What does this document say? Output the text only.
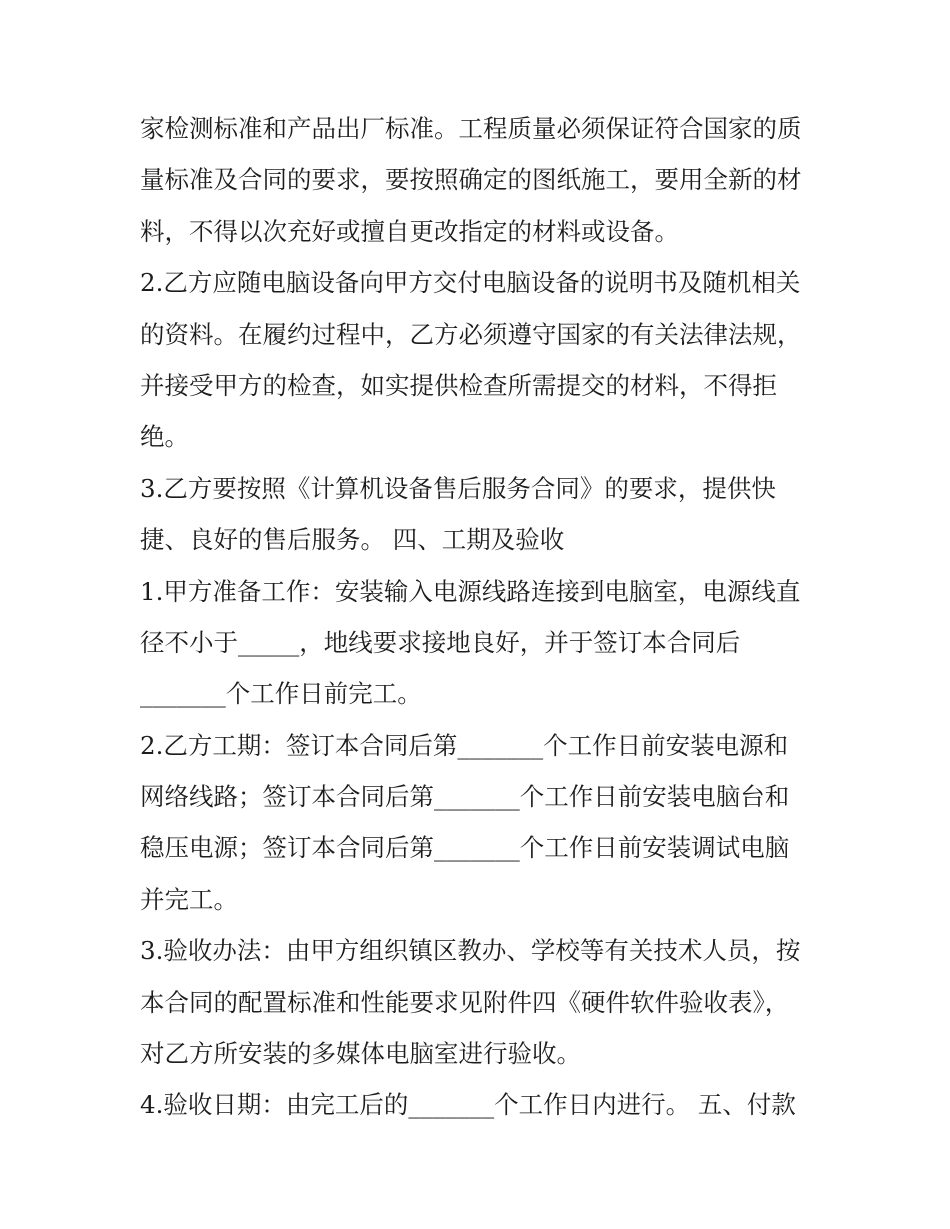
家检测标准和产品出厂标准。工程质量必须保证符合国家的质
量标准及合同的要求，要按照确定的图纸施工，要用全新的材
料，不得以次充好或擅自更改指定的材料或设备。
2.乙方应随电脑设备向甲方交付电脑设备的说明书及随机相关
的资料。在履约过程中，乙方必须遵守国家的有关法律法规，
并接受甲方的检查，如实提供检查所需提交的材料，不得拒
绝。
3.乙方要按照《计算机设备售后服务合同》的要求，提供快
捷、良好的售后服务。 四、工期及验收
1.甲方准备工作：安装输入电源线路连接到电脑室，电源线直
径不小于_____，地线要求接地良好，并于签订本合同后
_______个工作日前完工。
2.乙方工期：签订本合同后第_______个工作日前安装电源和
网络线路；签订本合同后第_______个工作日前安装电脑台和
稳压电源；签订本合同后第_______个工作日前安装调试电脑
并完工。
3.验收办法：由甲方组织镇区教办、学校等有关技术人员，按
本合同的配置标准和性能要求见附件四《硬件软件验收表》，
对乙方所安装的多媒体电脑室进行验收。
4.验收日期：由完工后的_______个工作日内进行。 五、付款
